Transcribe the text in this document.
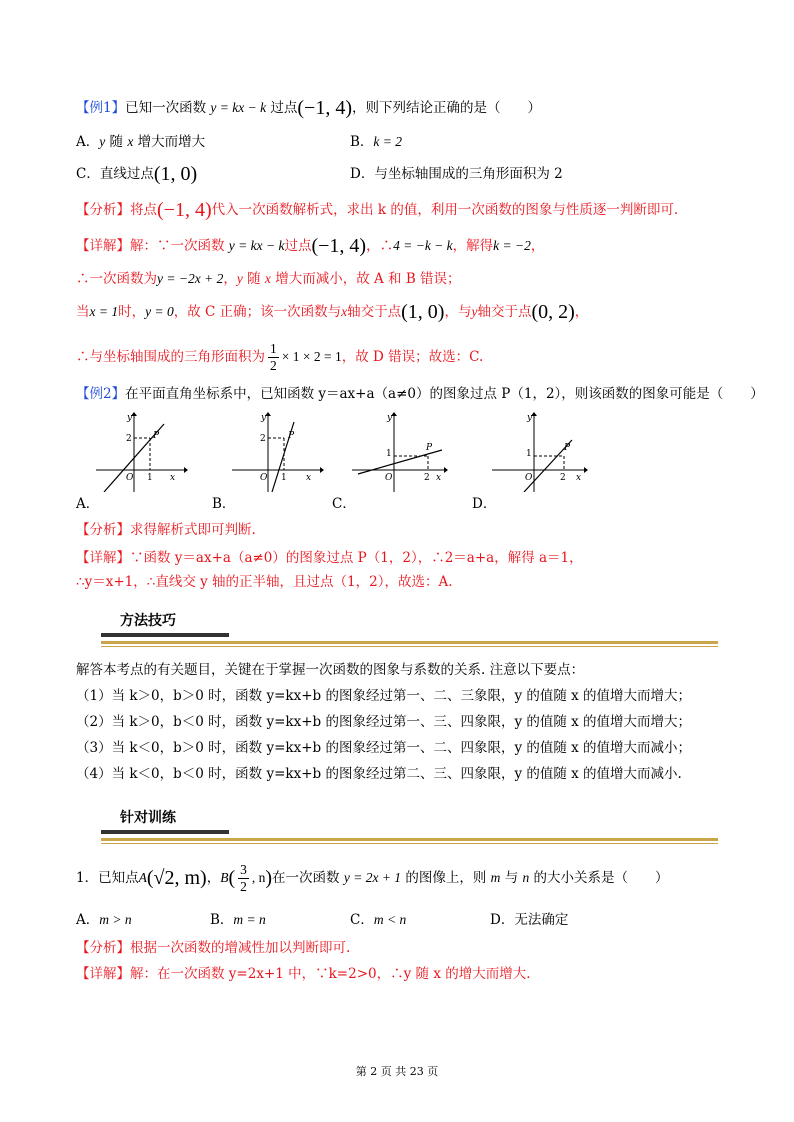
【例1】已知一次函数 y = kx − k 过点(−1, 4)，则下列结论正确的是（　　）
A．y 随 x 增大而增大	B．k = 2
C．直线过点(1, 0)	D．与坐标轴围成的三角形面积为 2
【分析】将点(−1, 4)代入一次函数解析式，求出 k 的值，利用一次函数的图象与性质逐一判断即可.
【详解】解：∵一次函数 y = kx − k过点(−1, 4)，∴4 = −k − k，解得k = −2，
∴一次函数为y = −2x + 2，y 随 x 增大而减小，故 A 和 B 错误；
当x = 1时，y = 0，故 C 正确；该一次函数与x轴交于点(1, 0)，与y轴交于点(0, 2)，
∴与坐标轴围成的三角形面积为 $\frac{1}{2} \times 1 \times 2 = 1$，故 D 错误；故选：C.
【例2】在平面直角坐标系中，已知函数 y＝ax+a（a≠0）的图象过点 P（1，2），则该函数的图象可能是（　　）
y
2 P
O 1 x
y
2 P
O 1 x
y
1
P
O	2 x
y
1
P
O	2 x
A．	B．	C．	D．
【分析】求得解析式即可判断.
【详解】∵函数 y＝ax+a（a≠0）的图象过点 P（1，2），∴2＝a+a，解得 a＝1，
∴y＝x+1，∴直线交 y 轴的正半轴，且过点（1，2），故选：A.
方法技巧
解答本考点的有关题目，关键在于掌握一次函数的图象与系数的关系. 注意以下要点：
（1）当 k＞0，b＞0 时，函数 y=kx+b 的图象经过第一、二、三象限，y 的值随 x 的值增大而增大；
（2）当 k＞0，b＜0 时，函数 y=kx+b 的图象经过第一、三、四象限，y 的值随 x 的值增大而增大；
（3）当 k＜0，b＞0 时，函数 y=kx+b 的图象经过第一、二、四象限，y 的值随 x 的值增大而减小；
（4）当 k＜0，b＜0 时，函数 y=kx+b 的图象经过第二、三、四象限，y 的值随 x 的值增大而减小.
针对训练
1．已知点A(√2, m)，$B( \frac{3}{2}$ , n)在一次函数 y = 2x + 1 的图像上，则 m 与 n 的大小关系是（　　）
A．m > n	B．m = n	C．m < n	D．无法确定
【分析】根据一次函数的增减性加以判断即可.
【详解】解：在一次函数 y=2x+1 中，∵k=2>0，∴y 随 x 的增大而增大.
第 2 页 共 23 页
